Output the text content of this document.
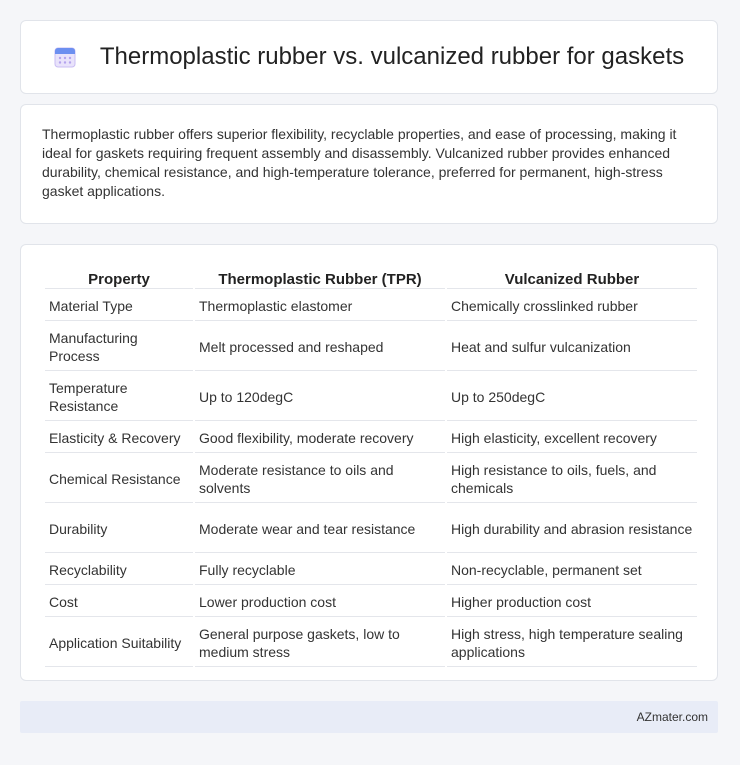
Thermoplastic rubber vs. vulcanized rubber for gaskets

Thermoplastic rubber offers superior flexibility, recyclable properties, and ease of processing, making it ideal for gaskets requiring frequent assembly and disassembly. Vulcanized rubber provides enhanced durability, chemical resistance, and high-temperature tolerance, preferred for permanent, high-stress gasket applications.

Property	Thermoplastic Rubber (TPR)	Vulcanized Rubber
Material Type	Thermoplastic elastomer	Chemically crosslinked rubber
Manufacturing Process	Melt processed and reshaped	Heat and sulfur vulcanization
Temperature Resistance	Up to 120degC	Up to 250degC
Elasticity & Recovery	Good flexibility, moderate recovery	High elasticity, excellent recovery
Chemical Resistance	Moderate resistance to oils and solvents	High resistance to oils, fuels, and chemicals
Durability	Moderate wear and tear resistance	High durability and abrasion resistance
Recyclability	Fully recyclable	Non-recyclable, permanent set
Cost	Lower production cost	Higher production cost
Application Suitability	General purpose gaskets, low to medium stress	High stress, high temperature sealing applications
AZmater.com
